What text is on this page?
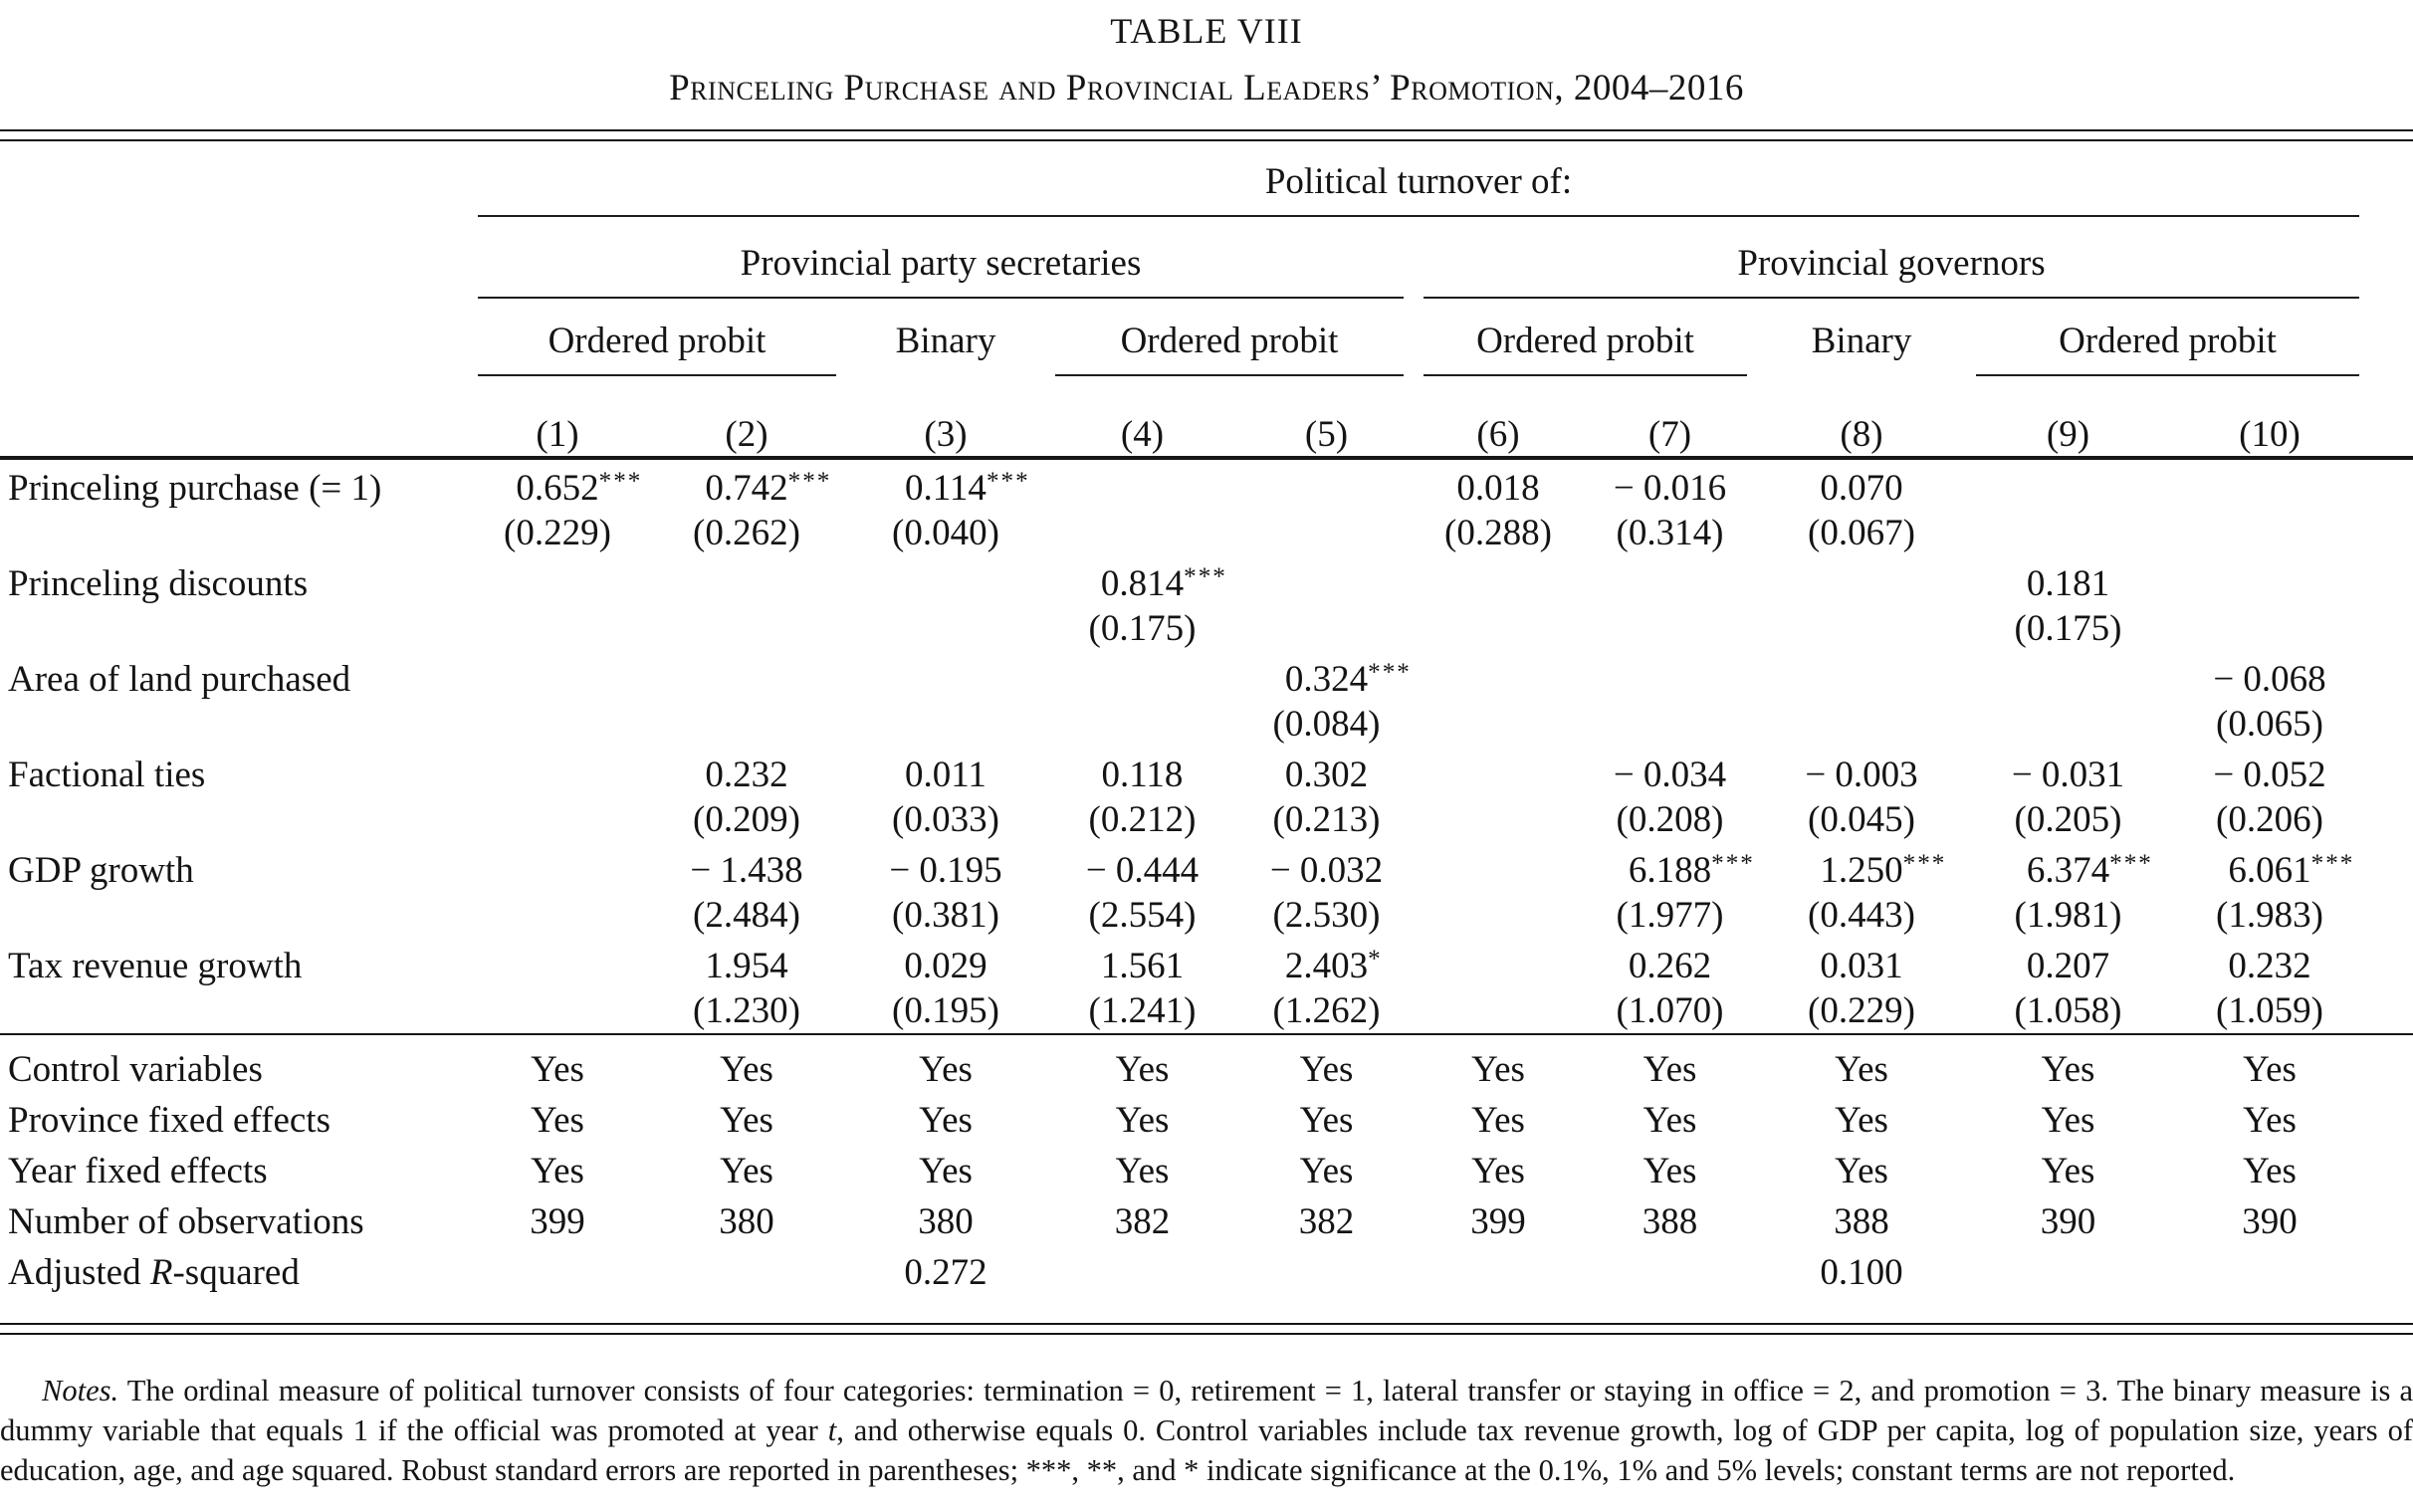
TABLE VIII
Princeling Purchase and Provincial Leaders’ Promotion, 2004–2016

	Political turnover of:										

	Provincial party secretaries					Provincial governors					

	Ordered probit		Binary	Ordered probit		Ordered probit		Binary	Ordered probit		

	(1)	(2)	(3)	(4)	(5)	(6)	(7)	(8)	(9)	(10)	
Princeling purchase (= 1)	0.652***	0.742***	0.114***			0.018	− 0.016	0.070			
	(0.229)	(0.262)	(0.040)			(0.288)	(0.314)	(0.067)			
Princeling discounts				0.814***					0.181		
				(0.175)					(0.175)		
Area of land purchased					0.324***					− 0.068	
					(0.084)					(0.065)	
Factional ties		0.232	0.011	0.118	0.302		− 0.034	− 0.003	− 0.031	− 0.052	
		(0.209)	(0.033)	(0.212)	(0.213)		(0.208)	(0.045)	(0.205)	(0.206)	
GDP growth		− 1.438	− 0.195	− 0.444	− 0.032		6.188***	1.250***	6.374***	6.061***	
		(2.484)	(0.381)	(2.554)	(2.530)		(1.977)	(0.443)	(1.981)	(1.983)	
Tax revenue growth		1.954	0.029	1.561	2.403*		0.262	0.031	0.207	0.232	
		(1.230)	(0.195)	(1.241)	(1.262)		(1.070)	(0.229)	(1.058)	(1.059)	

Control variables	Yes	Yes	Yes	Yes	Yes	Yes	Yes	Yes	Yes	Yes	
Province fixed effects	Yes	Yes	Yes	Yes	Yes	Yes	Yes	Yes	Yes	Yes	
Year fixed effects	Yes	Yes	Yes	Yes	Yes	Yes	Yes	Yes	Yes	Yes	
Number of observations	399	380	380	382	382	399	388	388	390	390	
Adjusted R-squared			0.272					0.100			

Notes. The ordinal measure of political turnover consists of four categories: termination = 0, retirement = 1, lateral transfer or staying in office = 2, and promotion = 3. The binary measure is a dummy variable that equals 1 if the official was promoted at year t, and otherwise equals 0. Control variables include tax revenue growth, log of GDP per capita, log of population size, years of education, age, and age squared. Robust standard errors are reported in parentheses; ***, **, and * indicate significance at the 0.1%, 1% and 5% levels; constant terms are not reported.
